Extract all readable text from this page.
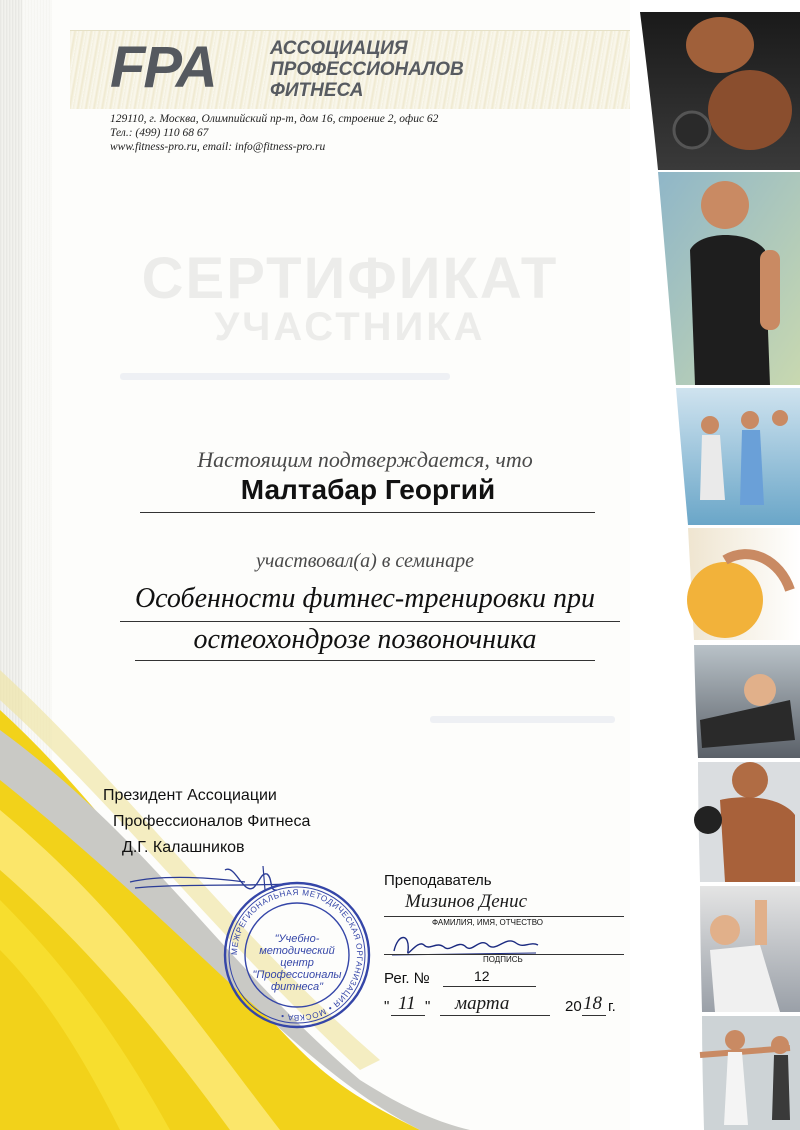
FPA	АССОЦИАЦИЯ
ПРОФЕССИОНАЛОВ
ФИТНЕСА
129110, г. Москва, Олимпийский пр-т, дом 16, строение 2, офис 62
Тел.: (499) 110 68 67
www.fitness-pro.ru, email: info@fitness-pro.ru
СЕРТИФИКАТ
УЧАСТНИКА
Настоящим подтверждается, что
Малтабар Георгий
участвовал(а) в семинаре
Особенности фитнес-тренировки при
остеохондрозе позвоночника
Президент Ассоциации
Профессионалов Фитнеса
Д.Г. Калашников
МЕЖРЕГИОНАЛЬНАЯ МЕТОДИЧЕСКАЯ ОРГАНИЗАЦИЯ • МОСКВА •
"Учебно-
методический
центр
"Профессионалы
фитнеса"
Преподаватель
Мизинов Денис
ФАМИЛИЯ, ИМЯ, ОТЧЕСТВО
ПОДПИСЬ
Рег. №	12
" 11 " марта	20 18 г.
